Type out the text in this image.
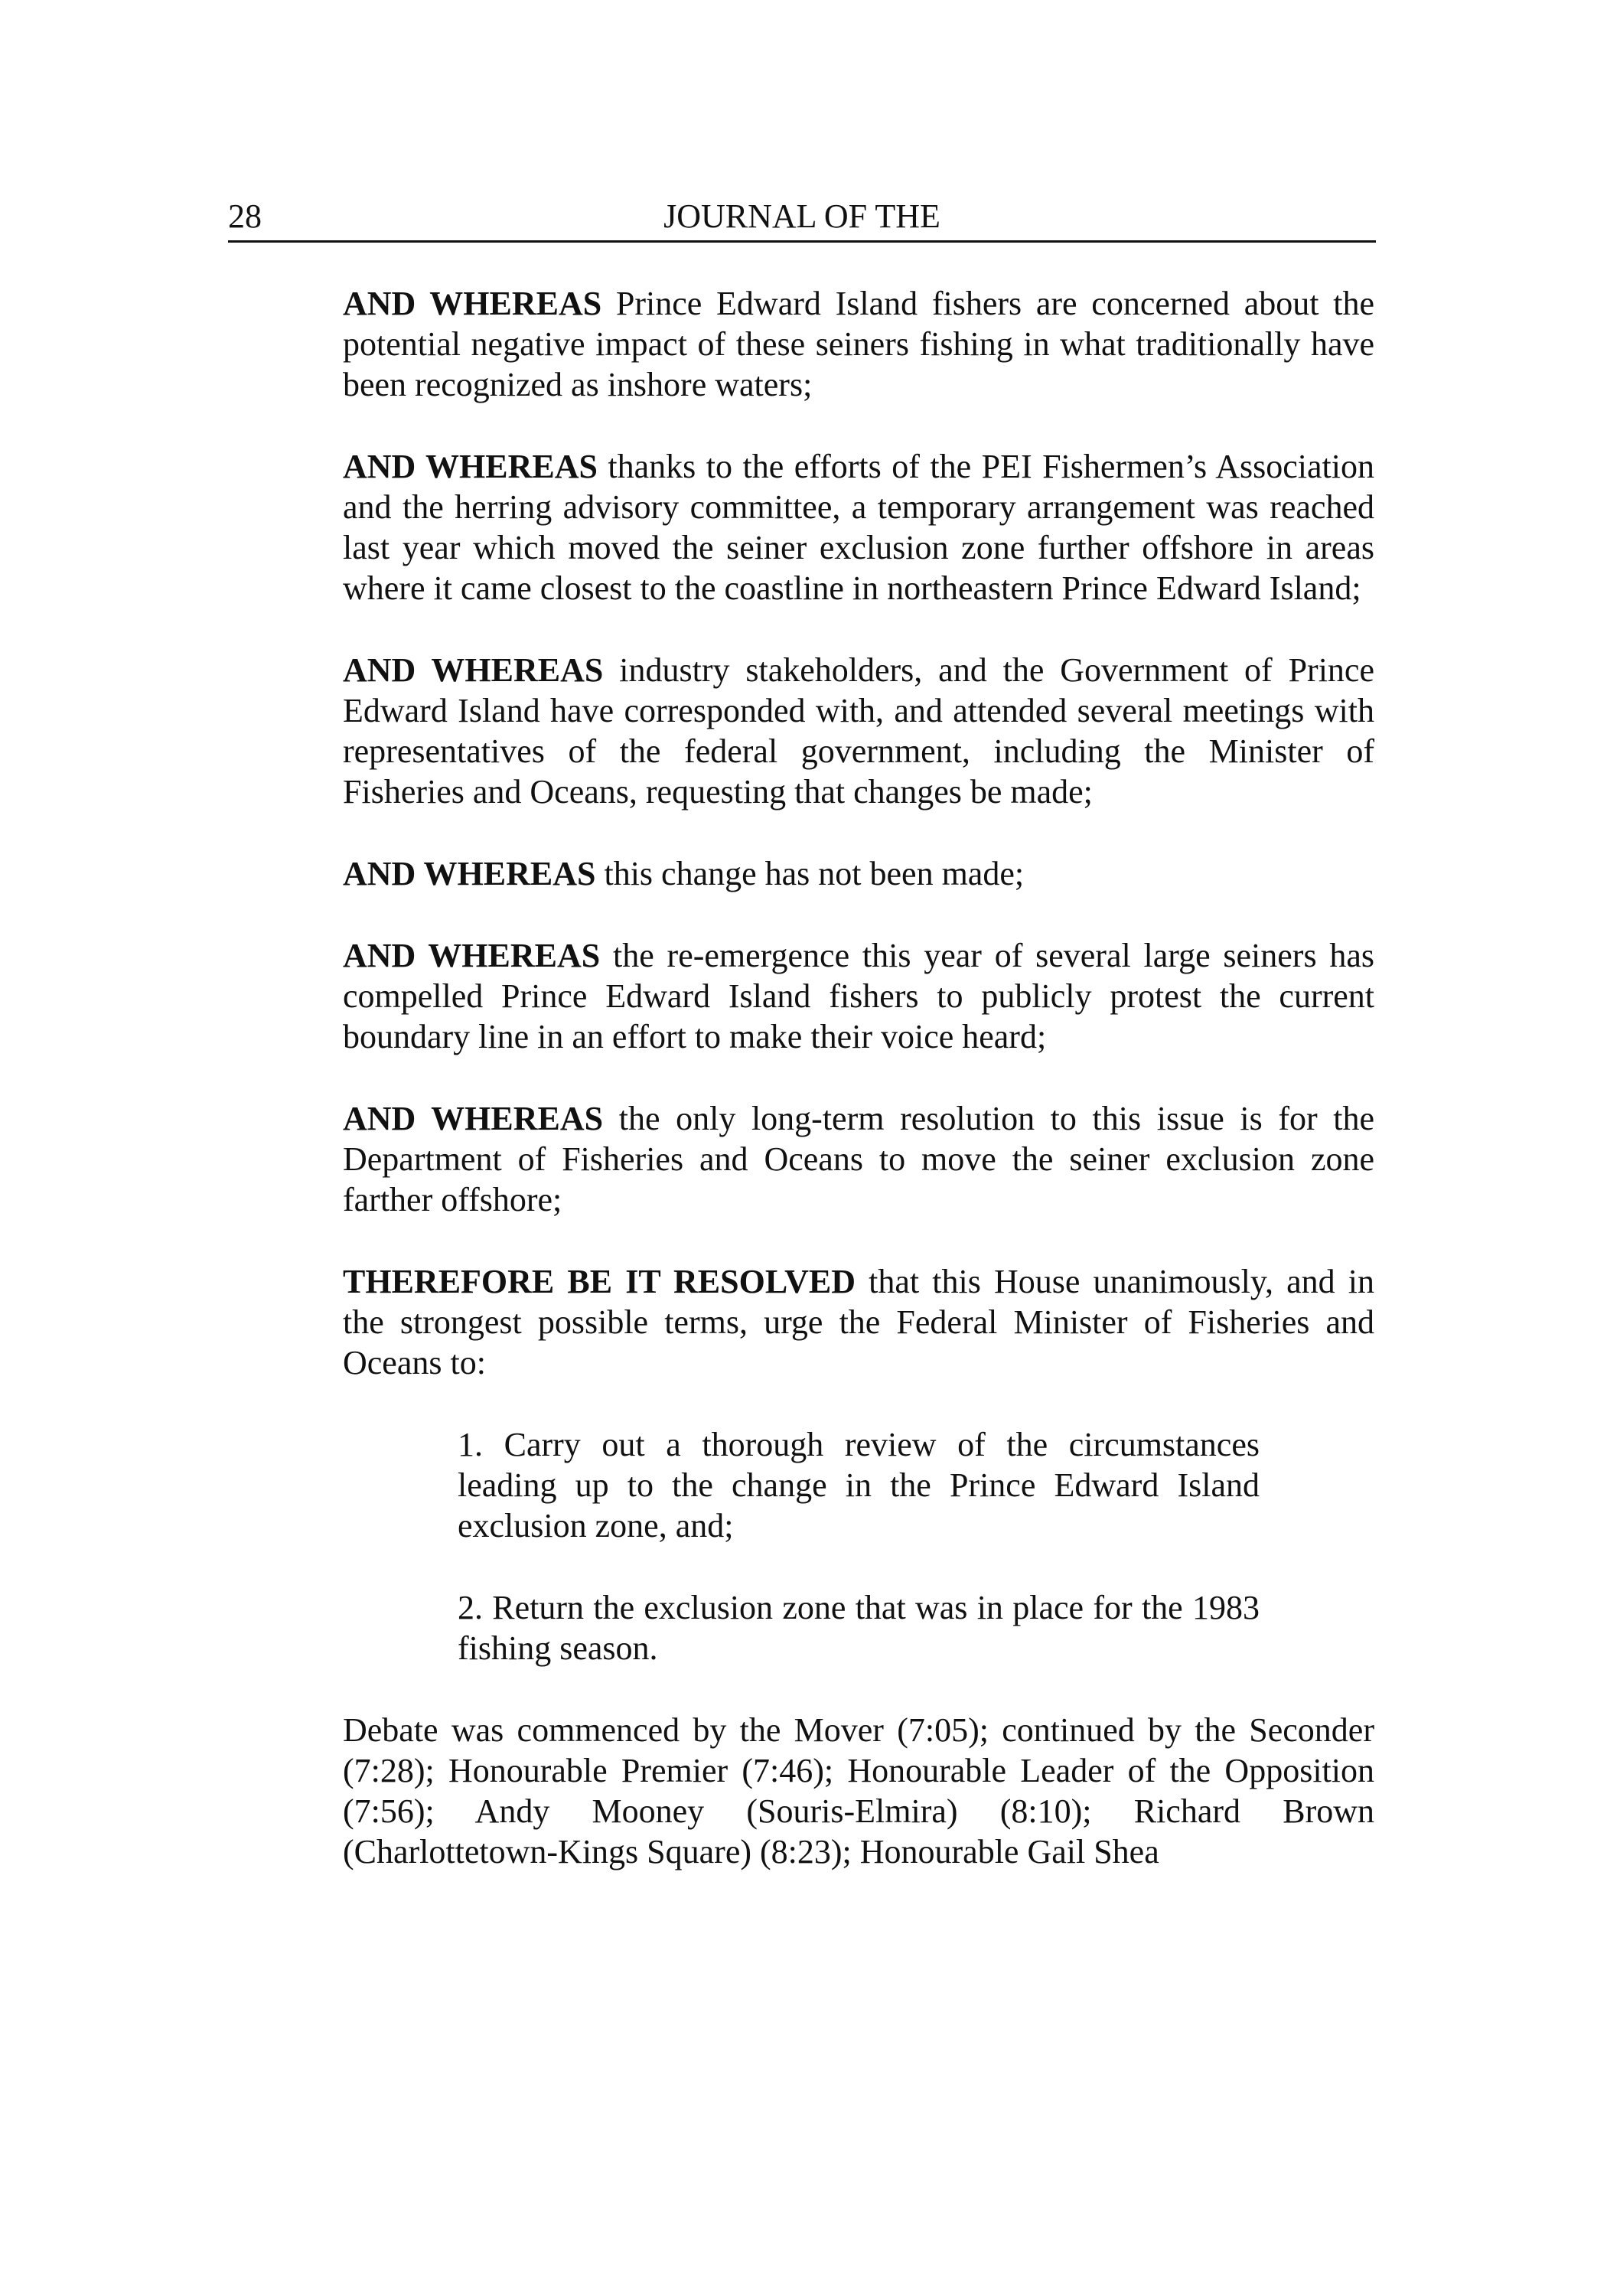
28	JOURNAL OF THE

AND WHEREAS Prince Edward Island fishers are concerned about the potential negative impact of these seiners fishing in what traditionally have been recognized as inshore waters;

AND WHEREAS thanks to the efforts of the PEI Fishermen’s Association and the herring advisory committee, a temporary arrangement was reached last year which moved the seiner exclusion zone further offshore in areas where it came closest to the coastline in northeastern Prince Edward Island;

AND WHEREAS industry stakeholders, and the Government of Prince Edward Island have corresponded with, and attended several meetings with representatives of the federal government, including the Minister of Fisheries and Oceans, requesting that changes be made;

AND WHEREAS this change has not been made;

AND WHEREAS the re-emergence this year of several large seiners has compelled Prince Edward Island fishers to publicly protest the current boundary line in an effort to make their voice heard;

AND WHEREAS the only long-term resolution to this issue is for the Department of Fisheries and Oceans to move the seiner exclusion zone farther offshore;

THEREFORE BE IT RESOLVED that this House unanimously, and in the strongest possible terms, urge the Federal Minister of Fisheries and Oceans to:

1. Carry out a thorough review of the circumstances leading up to the change in the Prince Edward Island exclusion zone, and;

2. Return the exclusion zone that was in place for the 1983 fishing season.

Debate was commenced by the Mover (7:05); continued by the Seconder (7:28); Honourable Premier (7:46); Honourable Leader of the Opposition (7:56); Andy Mooney (Souris-Elmira) (8:10); Richard Brown (Charlottetown-Kings Square) (8:23); Honourable Gail Shea
